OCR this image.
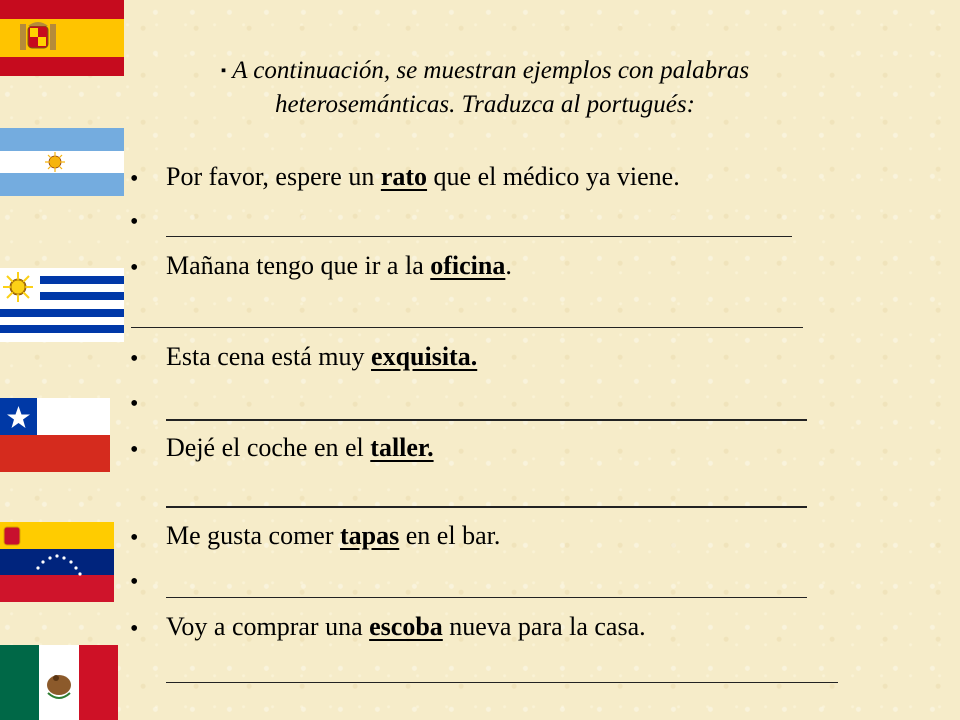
▪ A continuación, se muestran ejemplos con palabras
heterosemánticas. Traduzca al portugués:
• Por favor, espere un rato que el médico ya viene.
•
• Mañana tengo que ir a la oficina.
• Esta cena está muy exquisita.
•
• Dejé el coche en el taller.
• Me gusta comer tapas en el bar.
•
• Voy a comprar una escoba nueva para la casa.
